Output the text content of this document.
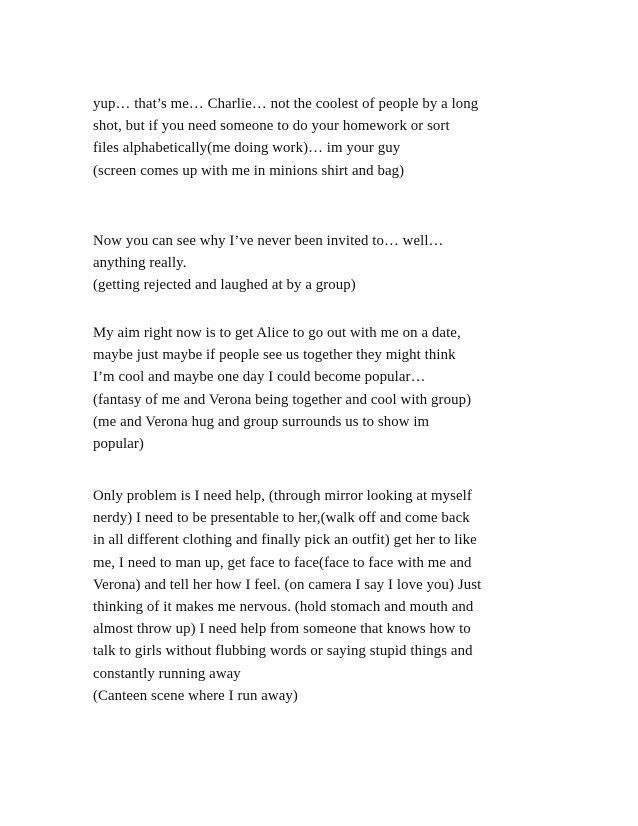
yup… that’s me… Charlie… not the coolest of people by a long
shot, but if you need someone to do your homework or sort
files alphabetically(me doing work)… im your guy
(screen comes up with me in minions shirt and bag)
Now you can see why I’ve never been invited to… well…
anything really.
(getting rejected and laughed at by a group)
My aim right now is to get Alice to go out with me on a date,
maybe just maybe if people see us together they might think
I’m cool and maybe one day I could become popular…
(fantasy of me and Verona being together and cool with group)
(me and Verona hug and group surrounds us to show im
popular)
Only problem is I need help, (through mirror looking at myself
nerdy) I need to be presentable to her,(walk off and come back
in all different clothing and finally pick an outfit) get her to like
me, I need to man up, get face to face(face to face with me and
Verona) and tell her how I feel. (on camera I say I love you) Just
thinking of it makes me nervous. (hold stomach and mouth and
almost throw up) I need help from someone that knows how to
talk to girls without flubbing words or saying stupid things and
constantly running away
(Canteen scene where I run away)
